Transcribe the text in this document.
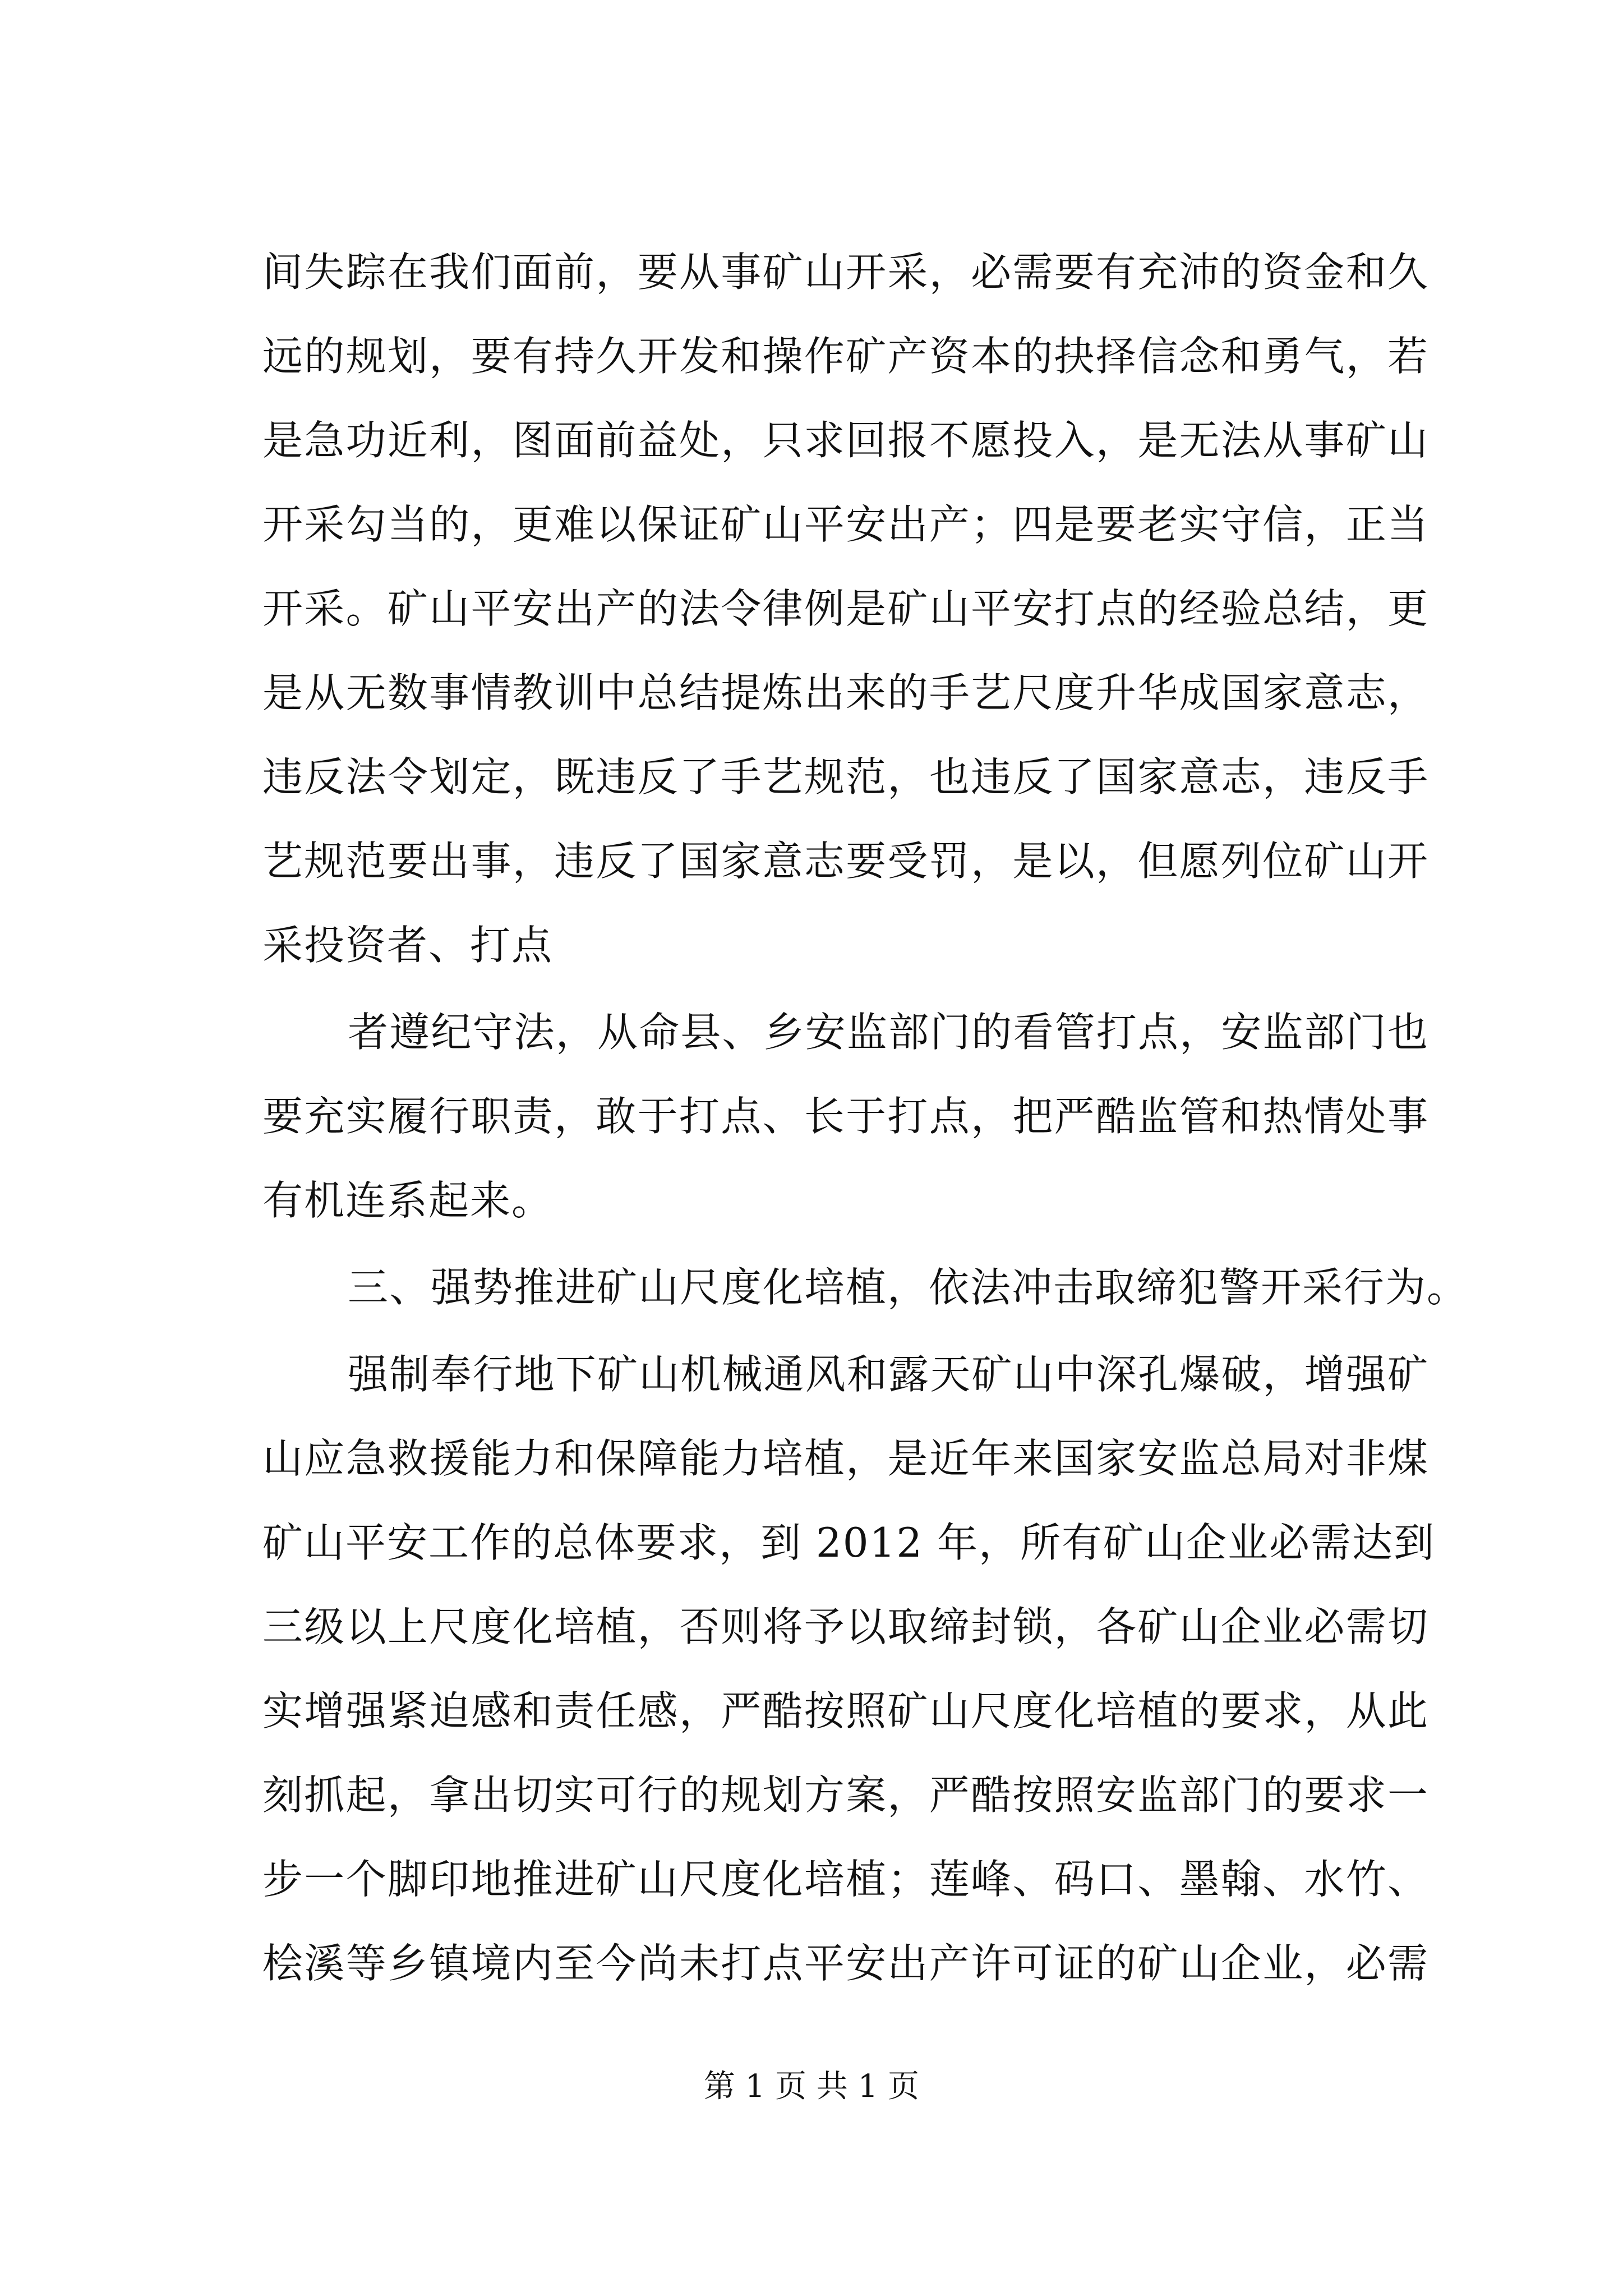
间失踪在我们面前，要从事矿山开采，必需要有充沛的资金和久
远的规划，要有持久开发和操作矿产资本的抉择信念和勇气，若
是急功近利，图面前益处，只求回报不愿投入，是无法从事矿山
开采勾当的，更难以保证矿山平安出产；四是要老实守信，正当
开采。矿山平安出产的法令律例是矿山平安打点的经验总结，更
是从无数事情教训中总结提炼出来的手艺尺度升华成国家意志，
违反法令划定，既违反了手艺规范，也违反了国家意志，违反手
艺规范要出事，违反了国家意志要受罚，是以，但愿列位矿山开
采投资者、打点
者遵纪守法，从命县、乡安监部门的看管打点，安监部门也
要充实履行职责，敢于打点、长于打点，把严酷监管和热情处事
有机连系起来。
三、强势推进矿山尺度化培植，依法冲击取缔犯警开采行为。
强制奉行地下矿山机械通风和露天矿山中深孔爆破，增强矿
山应急救援能力和保障能力培植，是近年来国家安监总局对非煤
矿山平安工作的总体要求，到 2012 年，所有矿山企业必需达到
三级以上尺度化培植，否则将予以取缔封锁，各矿山企业必需切
实增强紧迫感和责任感，严酷按照矿山尺度化培植的要求，从此
刻抓起，拿出切实可行的规划方案，严酷按照安监部门的要求一
步一个脚印地推进矿山尺度化培植；莲峰、码口、墨翰、水竹、
桧溪等乡镇境内至今尚未打点平安出产许可证的矿山企业，必需
第 1 页 共 1 页
